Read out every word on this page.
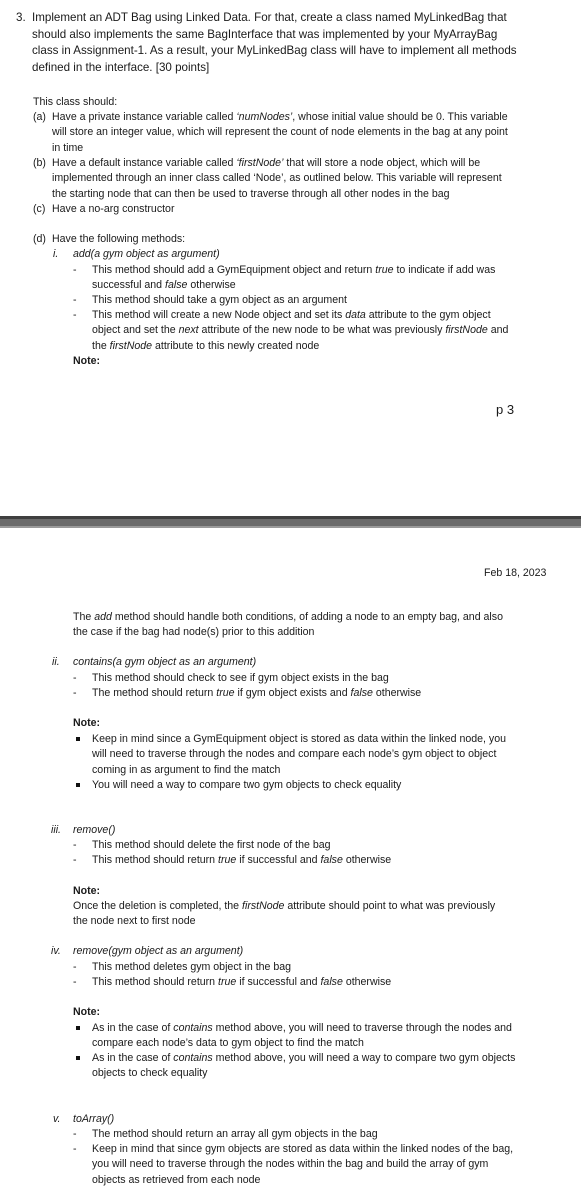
3. Implement an ADT Bag using Linked Data. For that, create a class named MyLinkedBag that
should also implements the same BagInterface that was implemented by your MyArrayBag
class in Assignment-1. As a result, your MyLinkedBag class will have to implement all methods
defined in the interface. [30 points]
This class should:
(a) Have a private instance variable called ‘numNodes’, whose initial value should be 0. This variable
will store an integer value, which will represent the count of node elements in the bag at any point
in time
(b) Have a default instance variable called ‘firstNode’ that will store a node object, which will be
implemented through an inner class called ‘Node’, as outlined below. This variable will represent
the starting node that can then be used to traverse through all other nodes in the bag
(c) Have a no-arg constructor
(d) Have the following methods:
i. add(a gym object as argument)
-	This method should add a GymEquipment object and return true to indicate if add was
successful and false otherwise
-	This method should take a gym object as an argument
-	This method will create a new Node object and set its data attribute to the gym object
object and set the next attribute of the new node to be what was previously firstNode and
the firstNode attribute to this newly created node
Note:
p 3
Feb 18, 2023
The add method should handle both conditions, of adding a node to an empty bag, and also
the case if the bag had node(s) prior to this addition
ii. contains(a gym object as an argument)
-	This method should check to see if gym object exists in the bag
-	The method should return true if gym object exists and false otherwise
Note:
Keep in mind since a GymEquipment object is stored as data within the linked node, you
will need to traverse through the nodes and compare each node’s gym object to object
coming in as argument to find the match
You will need a way to compare two gym objects to check equality
iii. remove()
-	This method should delete the first node of the bag
-	This method should return true if successful and false otherwise
Note:
Once the deletion is completed, the firstNode attribute should point to what was previously
the node next to first node
iv. remove(gym object as an argument)
-	This method deletes gym object in the bag
-	This method should return true if successful and false otherwise
Note:
As in the case of contains method above, you will need to traverse through the nodes and
compare each node’s data to gym object to find the match
As in the case of contains method above, you will need a way to compare two gym objects
objects to check equality
v. toArray()
-	The method should return an array all gym objects in the bag
-	Keep in mind that since gym objects are stored as data within the linked nodes of the bag,
you will need to traverse through the nodes within the bag and build the array of gym
objects as retrieved from each node
